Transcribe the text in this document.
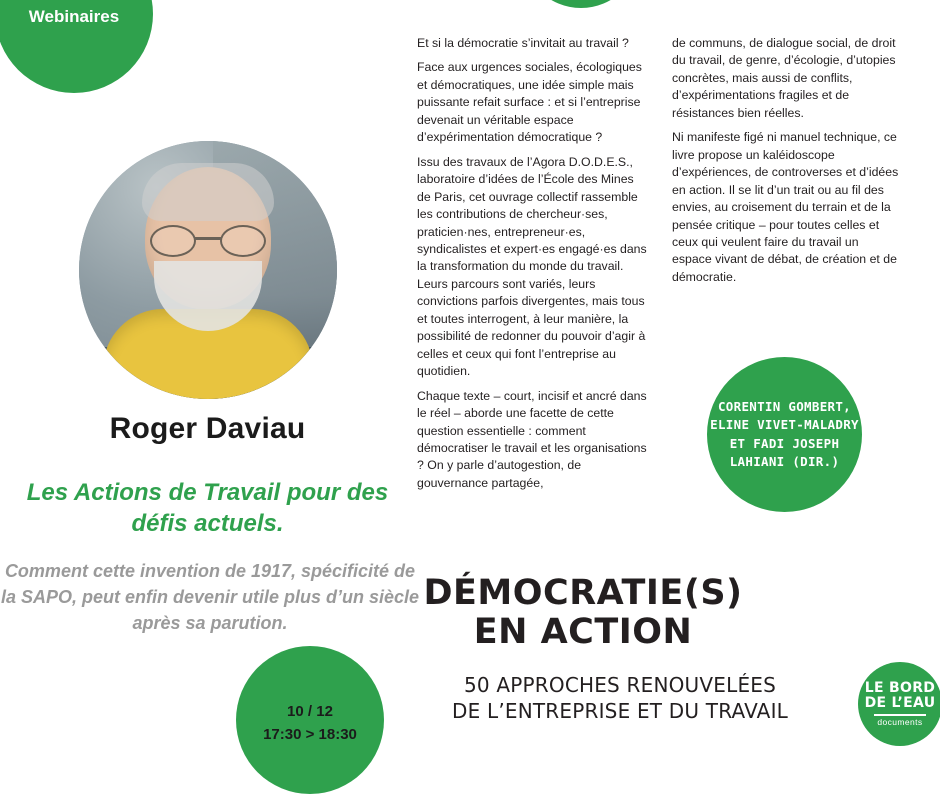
Webinaires
Roger Daviau
Les Actions de Travail pour des défis actuels.
Comment cette invention de 1917, spécificité de la SAPO, peut enfin devenir utile plus d’un siècle après sa parution.
10 / 12
17:30 > 18:30

Et si la démocratie s’invitait au travail ?

Face aux urgences sociales, écologiques et démocratiques, une idée simple mais puissante refait surface : et si l’entreprise devenait un véritable espace d’expérimentation démocratique ?

Issu des travaux de l’Agora D.O.D.E.S., laboratoire d’idées de l’École des Mines de Paris, cet ouvrage collectif rassemble les contributions de chercheur·ses, praticien·nes, entrepreneur·es, syndicalistes et expert·es engagé·es dans la transformation du monde du travail. Leurs parcours sont variés, leurs convictions parfois divergentes, mais tous et toutes interrogent, à leur manière, la possibilité de redonner du pouvoir d’agir à celles et ceux qui font l’entreprise au quotidien.

Chaque texte – court, incisif et ancré dans le réel – aborde une facette de cette question essentielle : comment démocratiser le travail et les organisations ? On y parle d’autogestion, de gouvernance partagée,

de communs, de dialogue social, de droit du travail, de genre, d’écologie, d’utopies concrètes, mais aussi de conflits, d’expérimentations fragiles et de résistances bien réelles.

Ni manifeste figé ni manuel technique, ce livre propose un kaléidoscope d’expériences, de controverses et d’idées en action. Il se lit d’un trait ou au fil des envies, au croisement du terrain et de la pensée critique – pour toutes celles et ceux qui veulent faire du travail un espace vivant de débat, de création et de démocratie.

CORENTIN GOMBERT, ELINE VIVET-MALADRY ET FADI JOSEPH LAHIANI (DIR.)
DÉMOCRATIE(S)
EN ACTION
50 APPROCHES RENOUVELÉES
DE L’ENTREPRISE ET DU TRAVAIL
LE BORD
DE L’EAU
documents
